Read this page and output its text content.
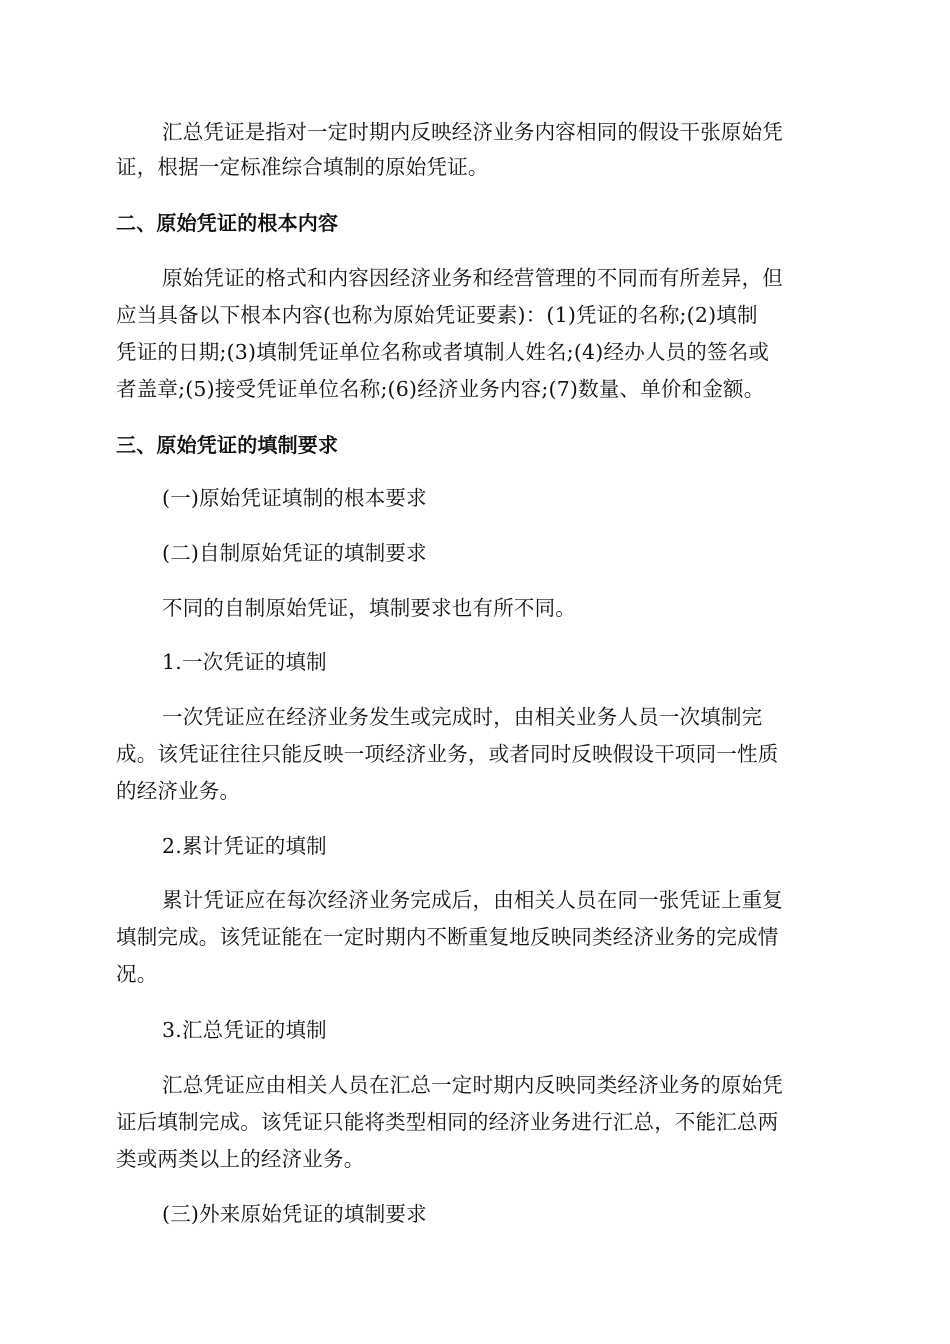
汇总凭证是指对一定时期内反映经济业务内容相同的假设干张原始凭
证，根据一定标准综合填制的原始凭证。
二、原始凭证的根本内容
原始凭证的格式和内容因经济业务和经营管理的不同而有所差异，但
应当具备以下根本内容(也称为原始凭证要素)：(1)凭证的名称;(2)填制
凭证的日期;(3)填制凭证单位名称或者填制人姓名;(4)经办人员的签名或
者盖章;(5)接受凭证单位名称;(6)经济业务内容;(7)数量、单价和金额。
三、原始凭证的填制要求
(一)原始凭证填制的根本要求
(二)自制原始凭证的填制要求
不同的自制原始凭证，填制要求也有所不同。
1.一次凭证的填制
一次凭证应在经济业务发生或完成时，由相关业务人员一次填制完
成。该凭证往往只能反映一项经济业务，或者同时反映假设干项同一性质
的经济业务。
2.累计凭证的填制
累计凭证应在每次经济业务完成后，由相关人员在同一张凭证上重复
填制完成。该凭证能在一定时期内不断重复地反映同类经济业务的完成情
况。
3.汇总凭证的填制
汇总凭证应由相关人员在汇总一定时期内反映同类经济业务的原始凭
证后填制完成。该凭证只能将类型相同的经济业务进行汇总，不能汇总两
类或两类以上的经济业务。
(三)外来原始凭证的填制要求
